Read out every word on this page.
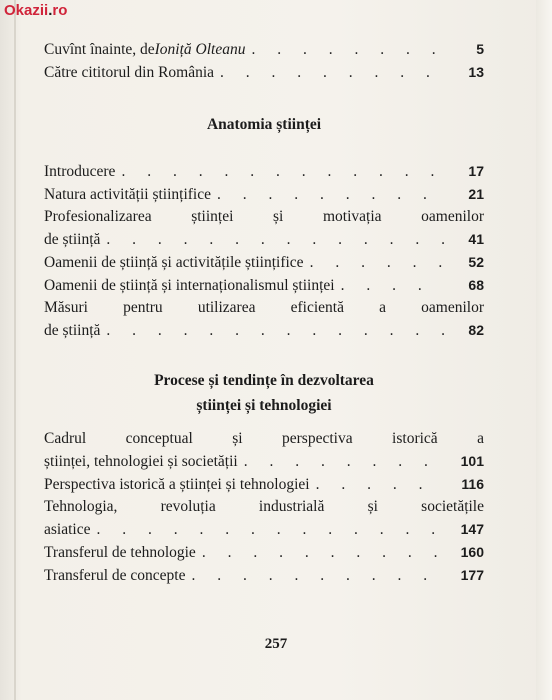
Okazii.ro
Cuvînt înainte, de Ioniță Olteanu . . .	5
Către cititorul din România . . .	13
Anatomia științei
Introducere . . .	17
Natura activității științifice . . .	21
Profesionalizarea științei și motivația oamenilor
de știință . . .	41
Oamenii de știință și activitățile științifice . . .	52
Oamenii de știință și internaționalismul științei . . .	68
Măsuri pentru utilizarea eficientă a oamenilor
de știință . . .	82
Procese și tendințe în dezvoltarea
științei și tehnologiei
Cadrul conceptual și perspectiva istorică a
științei, tehnologiei și societății . . .	101
Perspectiva istorică a științei și tehnologiei . . .	116
Tehnologia, revoluția industrială și societățile
asiatice . . .	147
Transferul de tehnologie . . .	160
Transferul de concepte . . .	177
257
